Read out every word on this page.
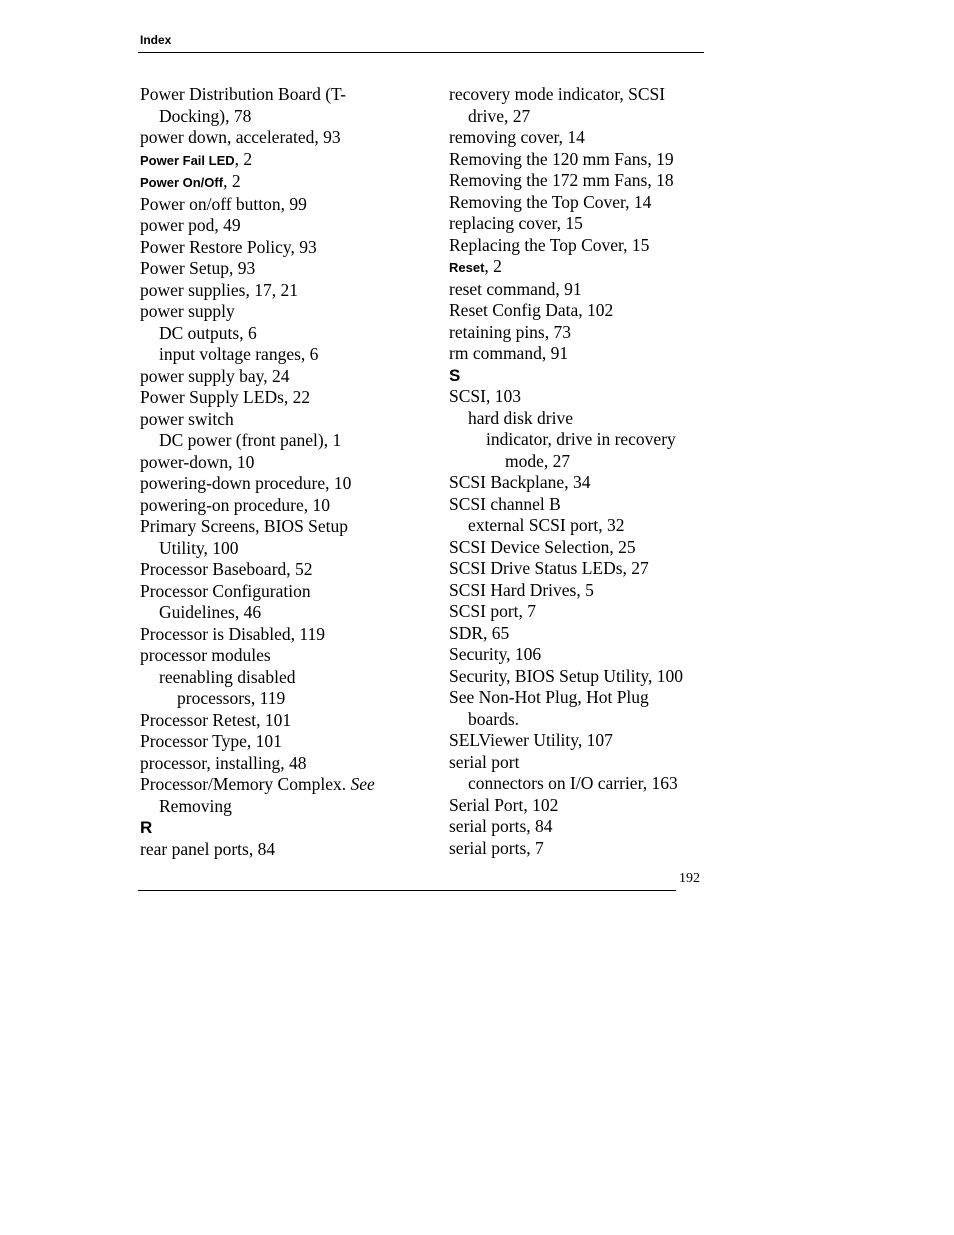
Index
Power Distribution Board (T-
Docking), 78
power down, accelerated, 93
Power Fail LED, 2
Power On/Off, 2
Power on/off button, 99
power pod, 49
Power Restore Policy, 93
Power Setup, 93
power supplies, 17, 21
power supply
DC outputs, 6
input voltage ranges, 6
power supply bay, 24
Power Supply LEDs, 22
power switch
DC power (front panel), 1
power-down, 10
powering-down procedure, 10
powering-on procedure, 10
Primary Screens, BIOS Setup
Utility, 100
Processor Baseboard, 52
Processor Configuration
Guidelines, 46
Processor is Disabled, 119
processor modules
reenabling disabled
processors, 119
Processor Retest, 101
Processor Type, 101
processor, installing, 48
Processor/Memory Complex. See
Removing
R
rear panel ports, 84
recovery mode indicator, SCSI
drive, 27
removing cover, 14
Removing the 120 mm Fans, 19
Removing the 172 mm Fans, 18
Removing the Top Cover, 14
replacing cover, 15
Replacing the Top Cover, 15
Reset, 2
reset command, 91
Reset Config Data, 102
retaining pins, 73
rm command, 91
S
SCSI, 103
hard disk drive
indicator, drive in recovery
mode, 27
SCSI Backplane, 34
SCSI channel B
external SCSI port, 32
SCSI Device Selection, 25
SCSI Drive Status LEDs, 27
SCSI Hard Drives, 5
SCSI port, 7
SDR, 65
Security, 106
Security, BIOS Setup Utility, 100
See Non-Hot Plug, Hot Plug
boards.
SELViewer Utility, 107
serial port
connectors on I/O carrier, 163
Serial Port, 102
serial ports, 84
serial ports, 7
192
